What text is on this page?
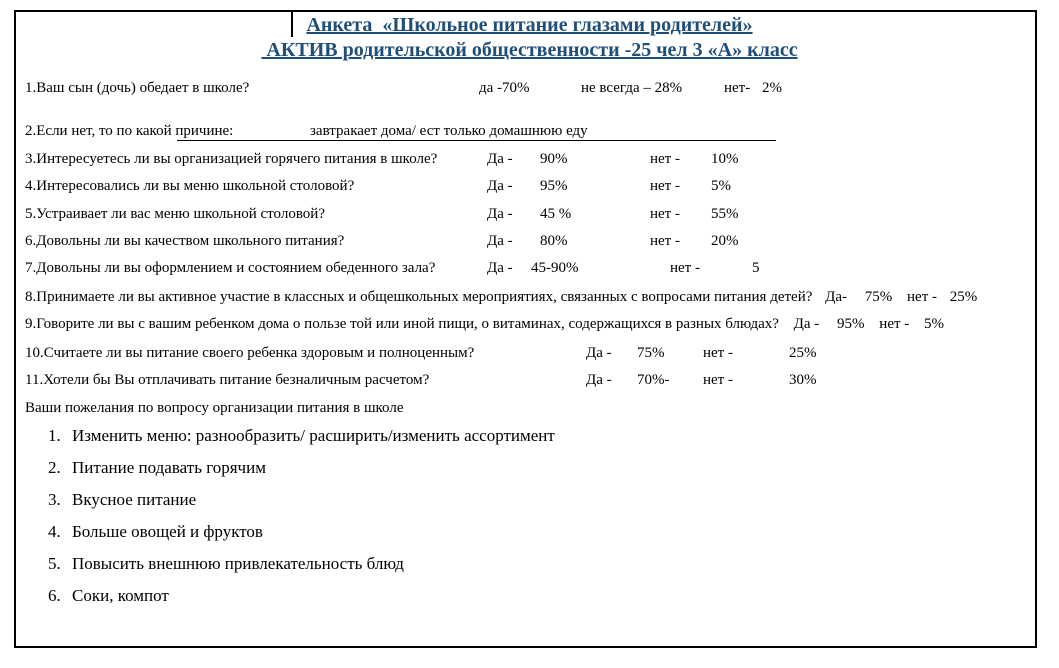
Анкета  «Школьное питание глазами родителей»
АКТИВ родительской общественности -25 чел 3 «А» класс
1.Ваш сын (дочь) обедает в школе?	да -70%	не всегда – 28%	нет- 2%
2.Если нет, то по какой причине:	завтракает дома/ ест только домашнюю еду
3.Интересуетесь ли вы организацией горячего питания в школе?	Да - 90%	нет - 10%
4.Интересовались ли вы меню школьной столовой?	Да - 95%	нет - 5%
5.Устраивает ли вас меню школьной столовой?	Да - 45 %	нет - 55%
6.Довольны ли вы качеством школьного питания?	Да - 80%	нет - 20%
7.Довольны ли вы оформлением и состоянием обеденного зала?	Да - 45-90%	нет -	5
8.Принимаете ли вы активное участие в классных и общешкольных мероприятиях, связанных с вопросами питания детей? Да- 75% нет - 25%
9.Говорите ли вы с вашим ребенком дома о пользе той или иной пищи, о витаминах, содержащихся в разных блюдах? Да - 95% нет - 5%
10.Считаете ли вы питание своего ребенка здоровым и полноценным?	Да - 75%	нет -	25%
11.Хотели бы Вы отплачивать питание безналичным расчетом?	Да - 70%- нет -	30%
Ваши пожелания по вопросу организации питания в школе
1. Изменить меню: разнообразить/ расширить/изменить ассортимент
2. Питание подавать горячим
3. Вкусное питание
4. Больше овощей и фруктов
5. Повысить внешнюю привлекательность блюд
6. Соки, компот
